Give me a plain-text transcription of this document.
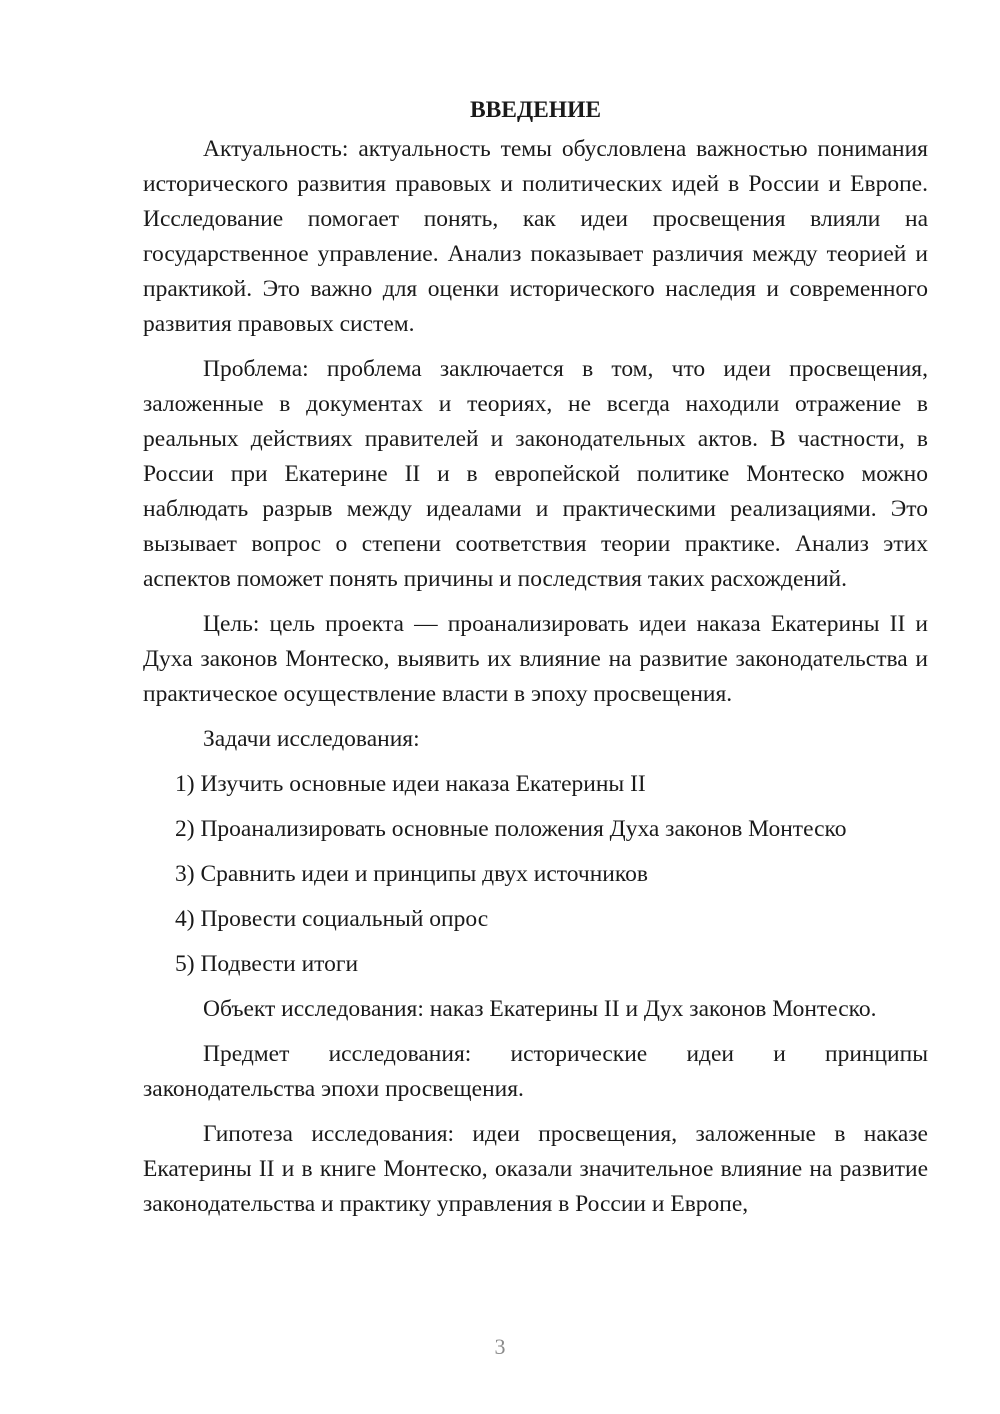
ВВЕДЕНИЕ

Актуальность: актуальность темы обусловлена важностью понимания исторического развития правовых и политических идей в России и Европе. Исследование помогает понять, как идеи просвещения влияли на государственное управление. Анализ показывает различия между теорией и практикой. Это важно для оценки исторического наследия и современного развития правовых систем.

Проблема: проблема заключается в том, что идеи просвещения, заложенные в документах и теориях, не всегда находили отражение в реальных действиях правителей и законодательных актов. В частности, в России при Екатерине II и в европейской политике Монтеско можно наблюдать разрыв между идеалами и практическими реализациями. Это вызывает вопрос о степени соответствия теории практике. Анализ этих аспектов поможет понять причины и последствия таких расхождений.

Цель: цель проекта — проанализировать идеи наказа Екатерины II и Духа законов Монтеско, выявить их влияние на развитие законодательства и практическое осуществление власти в эпоху просвещения.

Задачи исследования:

1) Изучить основные идеи наказа Екатерины II

2) Проанализировать основные положения Духа законов Монтеско

3) Сравнить идеи и принципы двух источников

4) Провести социальный опрос

5) Подвести итоги

Объект исследования: наказ Екатерины II и Дух законов Монтеско.

Предмет исследования: исторические идеи и принципы законодательства эпохи просвещения.

Гипотеза исследования: идеи просвещения, заложенные в наказе Екатерины II и в книге Монтеско, оказали значительное влияние на развитие законодательства и практику управления в России и Европе,

3
